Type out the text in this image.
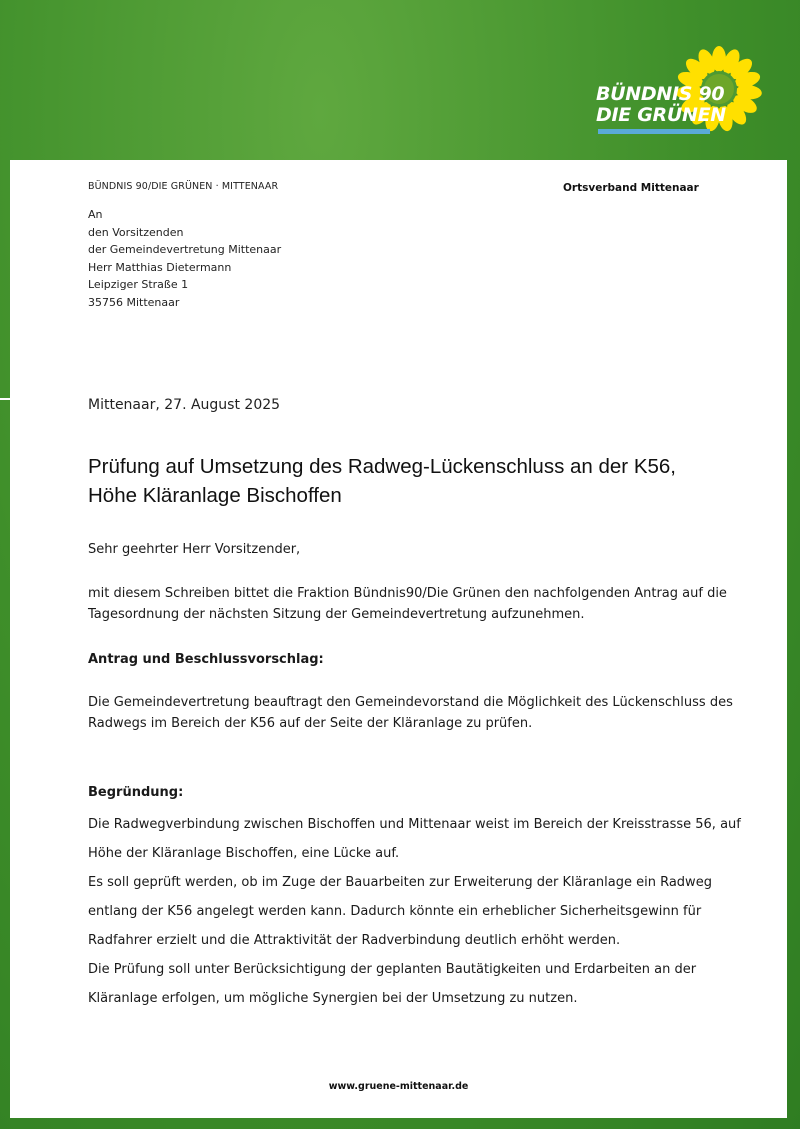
BÜNDNIS 90
DIE GRÜNEN
BÜNDNIS 90/DIE GRÜNEN · MITTENAAR	Ortsverband Mittenaar
An
den Vorsitzenden
der Gemeindevertretung Mittenaar
Herr Matthias Dietermann
Leipziger Straße 1
35756 Mittenaar
Mittenaar, 27. August 2025
Prüfung auf Umsetzung des Radweg-Lückenschluss an der K56,
Höhe Kläranlage Bischoffen
Sehr geehrter Herr Vorsitzender,
mit diesem Schreiben bittet die Fraktion Bündnis90/Die Grünen den nachfolgenden Antrag auf die
Tagesordnung der nächsten Sitzung der Gemeindevertretung aufzunehmen.
Antrag und Beschlussvorschlag:
Die Gemeindevertretung beauftragt den Gemeindevorstand die Möglichkeit des Lückenschluss des
Radwegs im Bereich der K56 auf der Seite der Kläranlage zu prüfen.
Begründung:
Die Radwegverbindung zwischen Bischoffen und Mittenaar weist im Bereich der Kreisstrasse 56, auf
Höhe der Kläranlage Bischoffen, eine Lücke auf.
Es soll geprüft werden, ob im Zuge der Bauarbeiten zur Erweiterung der Kläranlage ein Radweg
entlang der K56 angelegt werden kann. Dadurch könnte ein erheblicher Sicherheitsgewinn für
Radfahrer erzielt und die Attraktivität der Radverbindung deutlich erhöht werden.
Die Prüfung soll unter Berücksichtigung der geplanten Bautätigkeiten und Erdarbeiten an der
Kläranlage erfolgen, um mögliche Synergien bei der Umsetzung zu nutzen.
www.gruene-mittenaar.de
